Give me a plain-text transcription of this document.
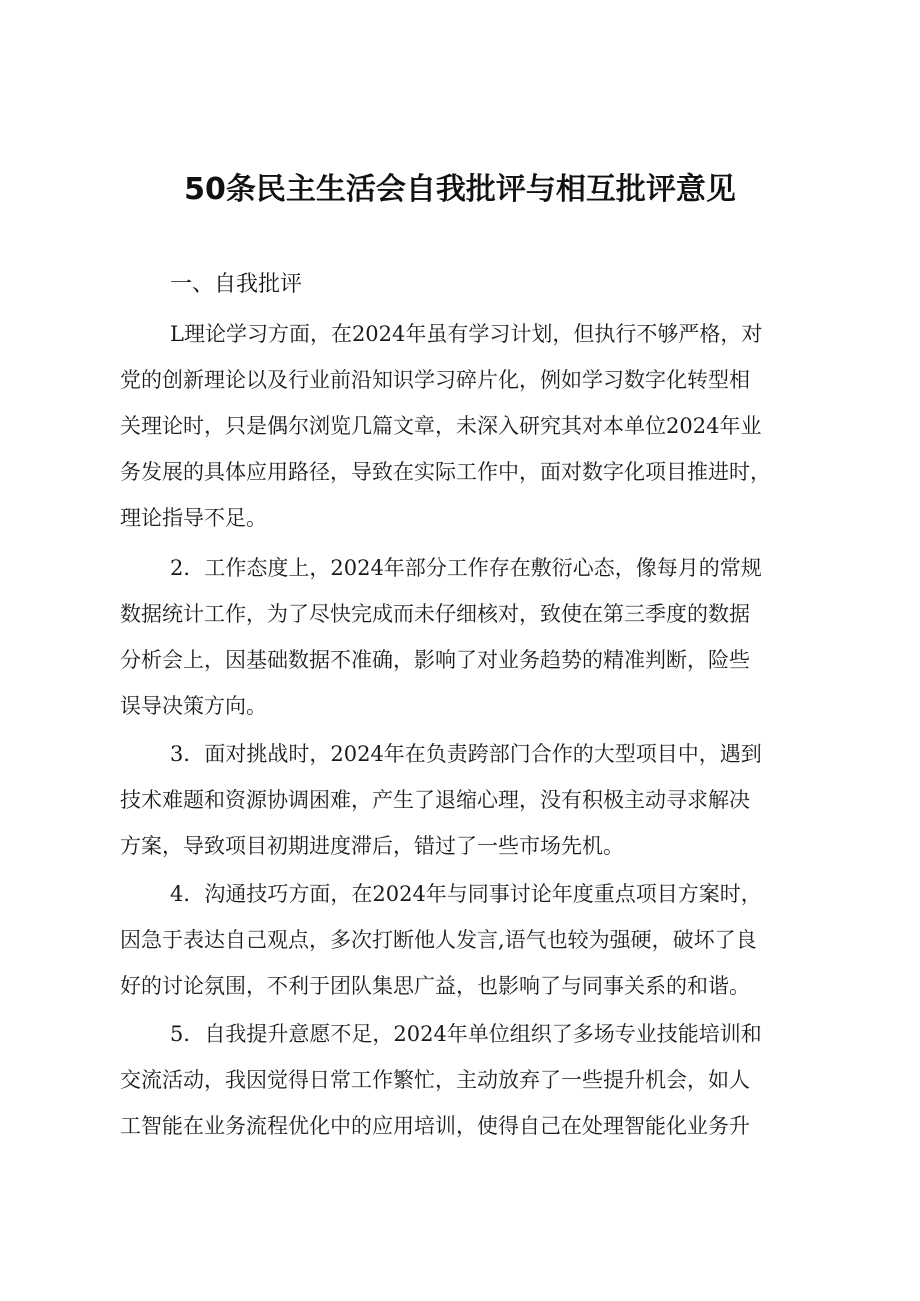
50条民主生活会自我批评与相互批评意见
一、自我批评
L理论学习方面，在2024年虽有学习计划，但执行不够严格，对
党的创新理论以及行业前沿知识学习碎片化，例如学习数字化转型相
关理论时，只是偶尔浏览几篇文章，未深入研究其对本单位2024年业
务发展的具体应用路径，导致在实际工作中，面对数字化项目推进时，
理论指导不足。
2．工作态度上，2024年部分工作存在敷衍心态，像每月的常规
数据统计工作，为了尽快完成而未仔细核对，致使在第三季度的数据
分析会上，因基础数据不准确，影响了对业务趋势的精准判断，险些
误导决策方向。
3．面对挑战时，2024年在负责跨部门合作的大型项目中，遇到
技术难题和资源协调困难，产生了退缩心理，没有积极主动寻求解决
方案，导致项目初期进度滞后，错过了一些市场先机。
4．沟通技巧方面，在2024年与同事讨论年度重点项目方案时，
因急于表达自己观点，多次打断他人发言,语气也较为强硬，破坏了良
好的讨论氛围，不利于团队集思广益，也影响了与同事关系的和谐。
5．自我提升意愿不足，2024年单位组织了多场专业技能培训和
交流活动，我因觉得日常工作繁忙，主动放弃了一些提升机会，如人
工智能在业务流程优化中的应用培训，使得自己在处理智能化业务升
